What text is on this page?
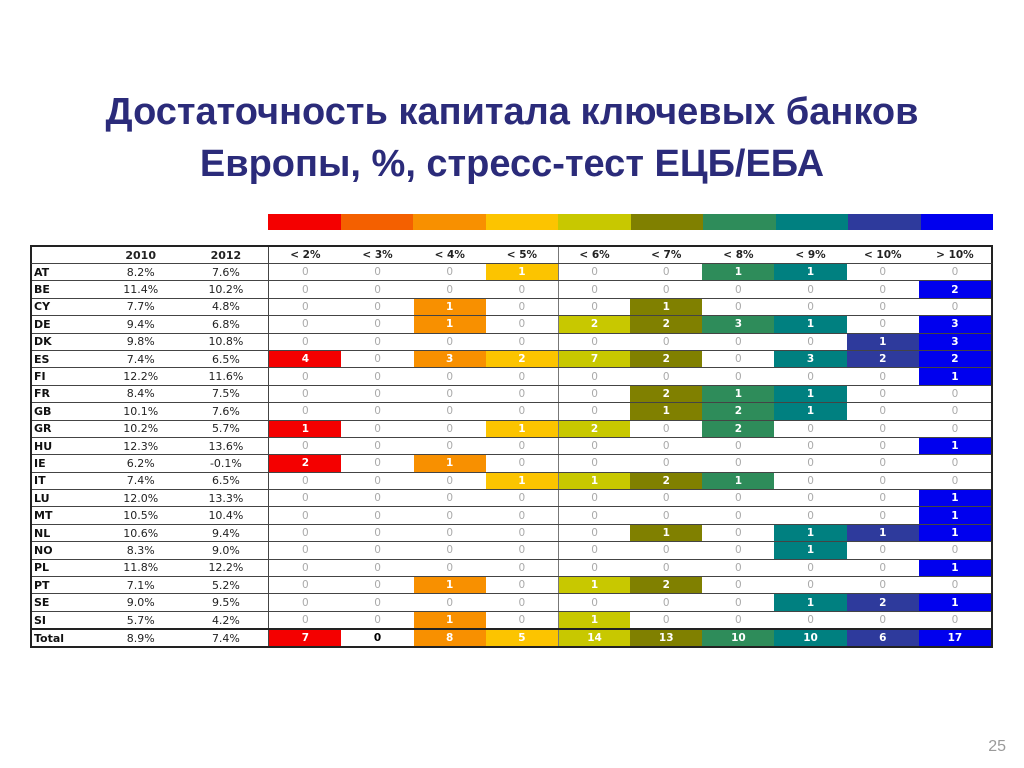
Достаточность капитала ключевых банков
Европы, %, стресс-тест ЕЦБ/ЕБА
2010	2012	< 2%	< 3%	< 4%	< 5%	< 6%	< 7%	< 8%	< 9%	< 10%	> 10%
AT	8.2%	7.6%	0	0	0	1	0	0	1	1	0	0
BE	11.4%	10.2%	0	0	0	0	0	0	0	0	0	2
CY	7.7%	4.8%	0	0	1	0	0	1	0	0	0	0
DE	9.4%	6.8%	0	0	1	0	2	2	3	1	0	3
DK	9.8%	10.8%	0	0	0	0	0	0	0	0	1	3
ES	7.4%	6.5%	4	0	3	2	7	2	0	3	2	2
FI	12.2%	11.6%	0	0	0	0	0	0	0	0	0	1
FR	8.4%	7.5%	0	0	0	0	0	2	1	1	0	0
GB	10.1%	7.6%	0	0	0	0	0	1	2	1	0	0
GR	10.2%	5.7%	1	0	0	1	2	0	2	0	0	0
HU	12.3%	13.6%	0	0	0	0	0	0	0	0	0	1
IE	6.2%	-0.1%	2	0	1	0	0	0	0	0	0	0
IT	7.4%	6.5%	0	0	0	1	1	2	1	0	0	0
LU	12.0%	13.3%	0	0	0	0	0	0	0	0	0	1
MT	10.5%	10.4%	0	0	0	0	0	0	0	0	0	1
NL	10.6%	9.4%	0	0	0	0	0	1	0	1	1	1
NO	8.3%	9.0%	0	0	0	0	0	0	0	1	0	0
PL	11.8%	12.2%	0	0	0	0	0	0	0	0	0	1
PT	7.1%	5.2%	0	0	1	0	1	2	0	0	0	0
SE	9.0%	9.5%	0	0	0	0	0	0	0	1	2	1
SI	5.7%	4.2%	0	0	1	0	1	0	0	0	0	0
Total	8.9%	7.4%	7	0	8	5	14	13	10	10	6	17
25
